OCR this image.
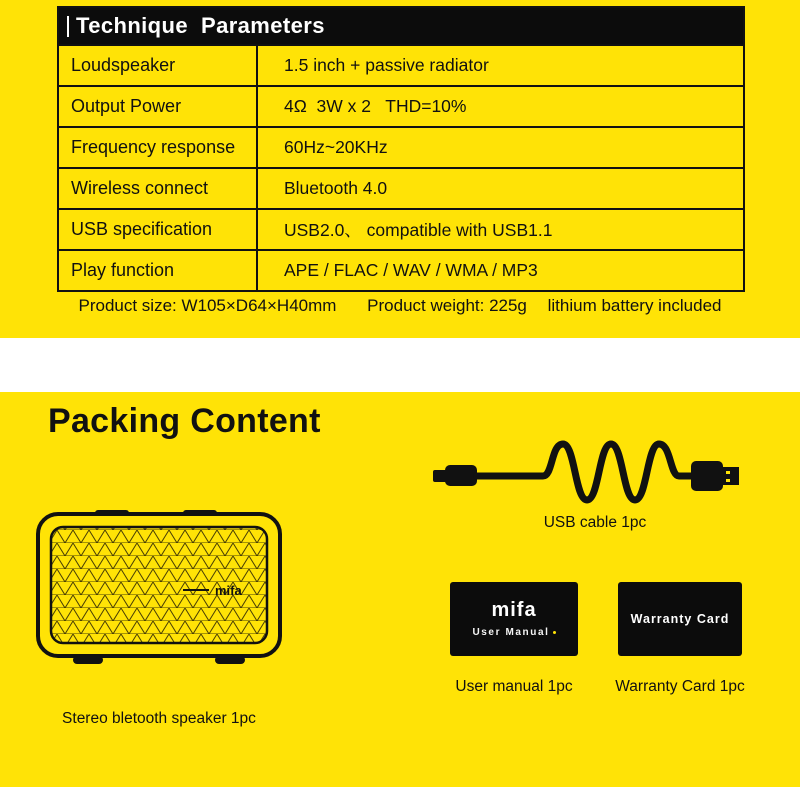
Technique  Parameters
Loudspeaker	1.5 inch + passive radiator
Output Power	4Ω  3W x 2   THD=10%
Frequency response	60Hz~20KHz
Wireless connect	Bluetooth 4.0
USB specification	USB2.0、 compatible with USB1.1
Play function	APE / FLAC / WAV / WMA / MP3
Product size: W105×D64×H40mm Product weight: 225g lithium battery included
Packing Content
USB cable 1pc
mifa
Stereo bletooth speaker 1pc
mifa
User Manual
User manual 1pc
Warranty Card
Warranty Card 1pc
